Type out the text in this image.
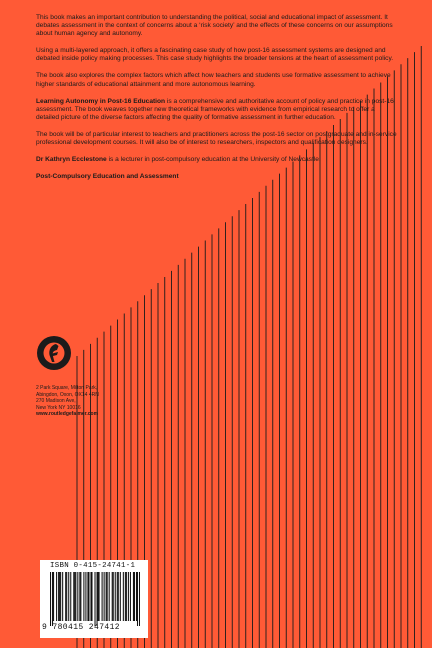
This book makes an important contribution to understanding the political, social and educational impact of assessment. It debates assessment in the context of concerns about a ‘risk society’ and the effects of these concerns on our assumptions about human agency and autonomy.

Using a multi-layered approach, it offers a fascinating case study of how post-16 assessment systems are designed and debated inside policy making processes. This case study highlights the broader tensions at the heart of assessment policy.

The book also explores the complex factors which affect how teachers and students use formative assessment to achieve higher standards of educational attainment and more autonomous learning.

Learning Autonomy in Post-16 Education is a comprehensive and authoritative account of policy and practice in post-16 assessment. The book weaves together new theoretical frameworks with evidence from empirical research to offer a detailed picture of the diverse factors affecting the quality of formative assessment in further education.

The book will be of particular interest to teachers and practitioners across the post-16 sector on postgraduate and in-service professional development courses. It will also be of interest to researchers, inspectors and qualification designers.

Dr Kathryn Ecclestone is a lecturer in post-compulsory education at the University of Newcastle.

Post-Compulsory Education and Assessment

2 Park Square, Milton Park,
Abingdon, Oxon, OX14 4RN
270 Madison Ave,
New York NY 10016
www.routledgefalmer.com
ISBN 0-415-24741-1
9 780415 247412
